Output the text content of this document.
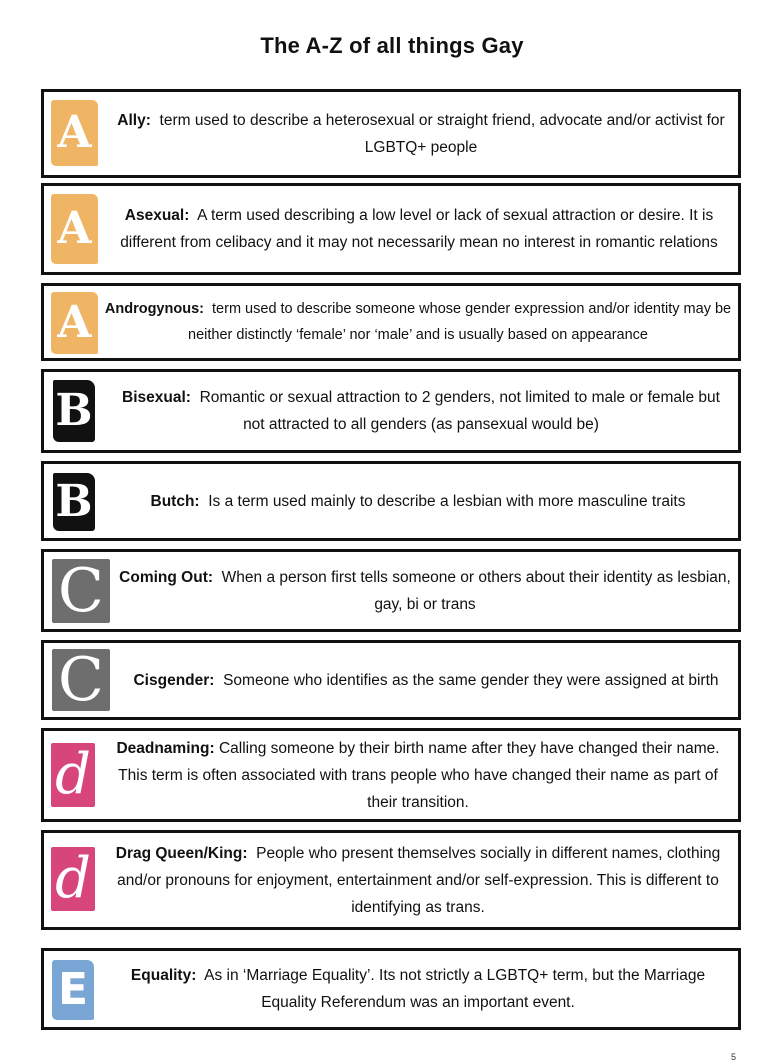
The A-Z of all things Gay
A	Ally: term used to describe a heterosexual or straight friend, advocate and/or activist for LGBTQ+ people

A	Asexual: A term used describing a low level or lack of sexual attraction or desire. It is different from celibacy and it may not necessarily mean no interest in romantic relations

A Androgynous: term used to describe someone whose gender expression and/or identity may be neither distinctly ‘female’ nor ‘male’ and is usually based on appearance

B Bisexual: Romantic or sexual attraction to 2 genders, not limited to male or female but not attracted to all genders (as pansexual would be)

B	Butch: Is a term used mainly to describe a lesbian with more masculine traits

C Coming Out: When a person first tells someone or others about their identity as lesbian, gay, bi or trans

C Cisgender: Someone who identifies as the same gender they were assigned at birth

d	Deadnaming: Calling someone by their birth name after they have changed their name. This term is often associated with trans people who have changed their name as part of their transition.

d	Drag Queen/King: People who present themselves socially in different names, clothing and/or pronouns for enjoyment, entertainment and/or self-expression. This is different to identifying as trans.

E	Equality: As in ‘Marriage Equality’. Its not strictly a LGBTQ+ term, but the Marriage Equality Referendum was an important event.

5
